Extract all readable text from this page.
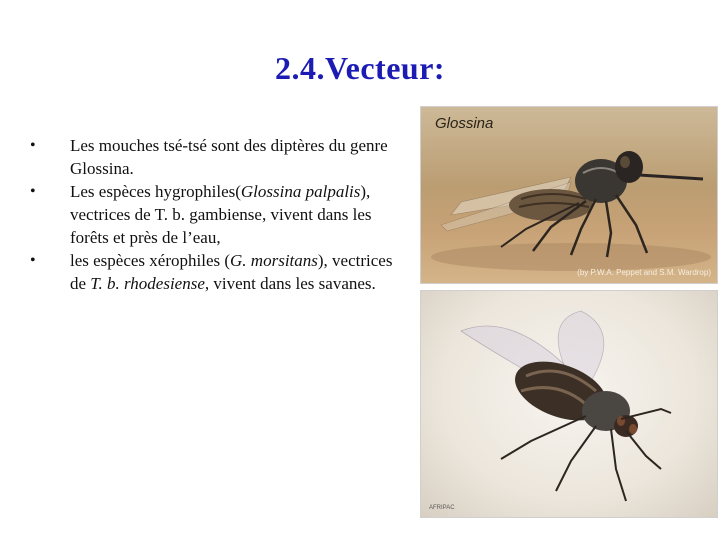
2.4.Vecteur:
• Les mouches tsé-tsé sont des diptères du genre Glossina.
• Les espèces hygrophiles(Glossina palpalis), vectrices de T. b. gambiense, vivent dans les forêts et près de l’eau,
• les espèces xérophiles (G. morsitans), vectrices de T. b. rhodesiense, vivent dans les savanes.
Glossina
(by P.W.A. Peppet and S.M. Wardrop)
AFRIPAC
